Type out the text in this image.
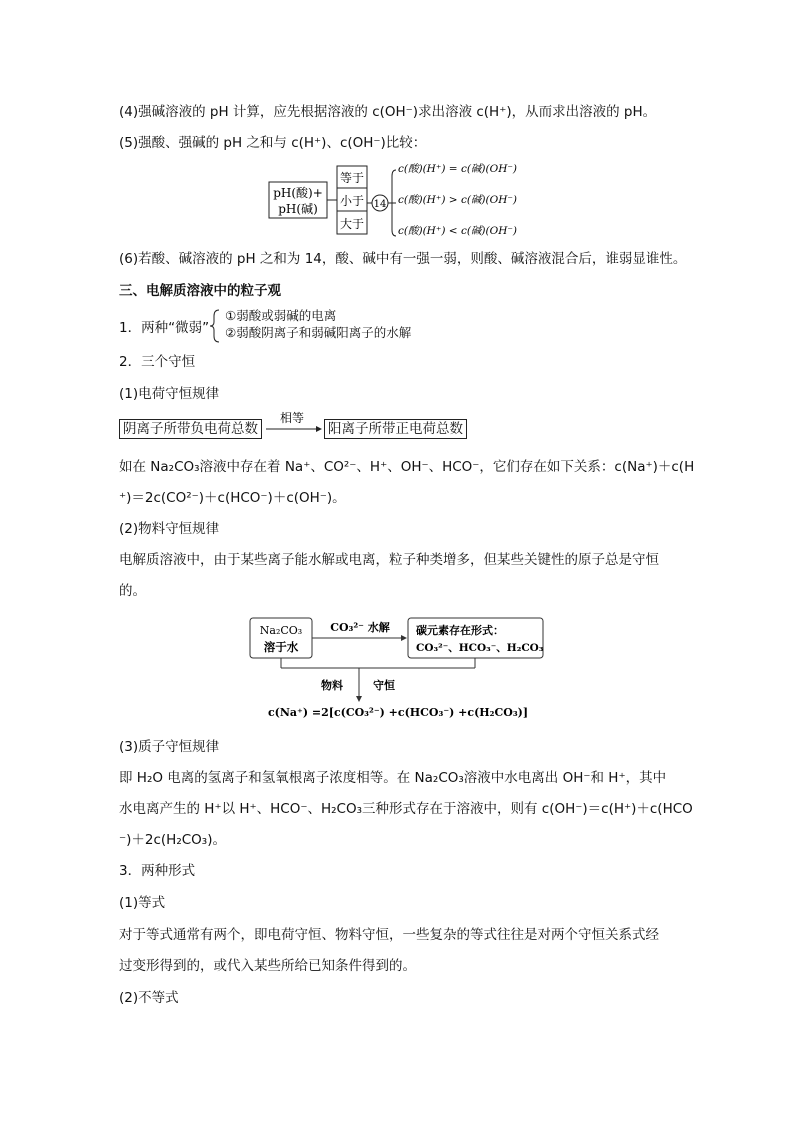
(4)强碱溶液的 pH 计算，应先根据溶液的 c(OH⁻)求出溶液 c(H⁺)，从而求出溶液的 pH。
(5)强酸、强碱的 pH 之和与 c(H⁺)、c(OH⁻)比较：
pH(酸)+
pH(碱)
等于
小于
大于
14
c(酸)(H⁺) = c(碱)(OH⁻)
c(酸)(H⁺) > c(碱)(OH⁻)
c(酸)(H⁺) < c(碱)(OH⁻)
(6)若酸、碱溶液的 pH 之和为 14，酸、碱中有一强一弱，则酸、碱溶液混合后，谁弱显谁性。
三、电解质溶液中的粒子观
1．两种“微弱”
①弱酸或弱碱的电离
②弱酸阴离子和弱碱阳离子的水解
2．三个守恒
(1)电荷守恒规律
阴离子所带负电荷总数
相等
阳离子所带正电荷总数
如在 Na₂CO₃溶液中存在着 Na⁺、CO²⁻、H⁺、OH⁻、HCO⁻，它们存在如下关系：c(Na⁺)＋c(H
⁺)＝2c(CO²⁻)＋c(HCO⁻)＋c(OH⁻)。
(2)物料守恒规律
电解质溶液中，由于某些离子能水解或电离，粒子种类增多，但某些关键性的原子总是守恒
的。
Na₂CO₃
溶于水
CO₃²⁻ 水解 碳元素存在形式：
CO₃²⁻、HCO₃⁻、H₂CO₃
物料	守恒
c(Na⁺) =2[c(CO₃²⁻) +c(HCO₃⁻) +c(H₂CO₃)]
(3)质子守恒规律
即 H₂O 电离的氢离子和氢氧根离子浓度相等。在 Na₂CO₃溶液中水电离出 OH⁻和 H⁺，其中
水电离产生的 H⁺以 H⁺、HCO⁻、H₂CO₃三种形式存在于溶液中，则有 c(OH⁻)＝c(H⁺)＋c(HCO
⁻)＋2c(H₂CO₃)。
3．两种形式
(1)等式
对于等式通常有两个，即电荷守恒、物料守恒，一些复杂的等式往往是对两个守恒关系式经
过变形得到的，或代入某些所给已知条件得到的。
(2)不等式
